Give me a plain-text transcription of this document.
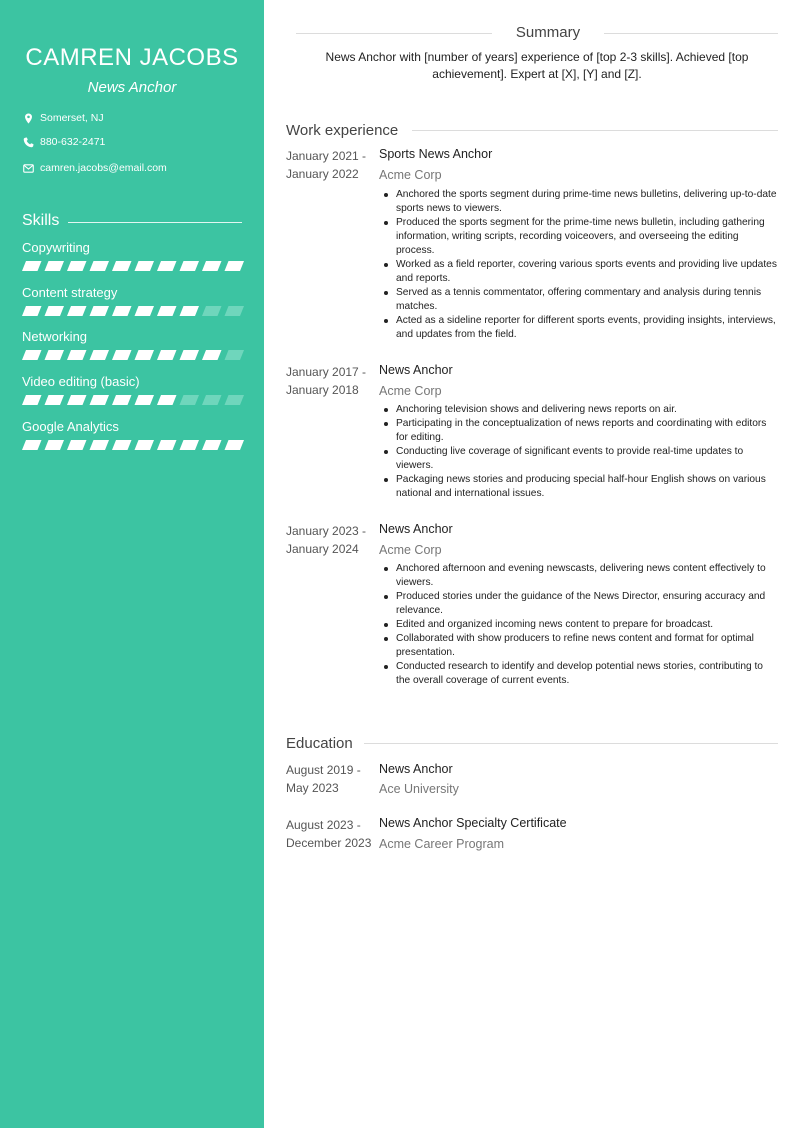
CAMREN JACOBS
News Anchor
Somerset, NJ
880-632-2471
camren.jacobs@email.com
Skills
Copywriting
Content strategy
Networking
Video editing (basic)
Google Analytics
Summary

News Anchor with [number of years] experience of [top 2-3 skills]. Achieved [top achievement]. Expert at [X], [Y] and [Z].

Work experience
January 2021 -
January 2022
Sports News Anchor
Acme Corp
Anchored the sports segment during prime-time news bulletins, delivering up-to-date sports news to viewers.
Produced the sports segment for the prime-time news bulletin, including gathering information, writing scripts, recording voiceovers, and overseeing the editing process.
Worked as a field reporter, covering various sports events and providing live updates and reports.
Served as a tennis commentator, offering commentary and analysis during tennis matches.
Acted as a sideline reporter for different sports events, providing insights, interviews, and updates from the field.
January 2017 -
January 2018
News Anchor
Acme Corp
Anchoring television shows and delivering news reports on air.
Participating in the conceptualization of news reports and coordinating with editors for editing.
Conducting live coverage of significant events to provide real-time updates to viewers.
Packaging news stories and producing special half-hour English shows on various national and international issues.
January 2023 -
January 2024
News Anchor
Acme Corp
Anchored afternoon and evening newscasts, delivering news content effectively to viewers.
Produced stories under the guidance of the News Director, ensuring accuracy and relevance.
Edited and organized incoming news content to prepare for broadcast.
Collaborated with show producers to refine news content and format for optimal presentation.
Conducted research to identify and develop potential news stories, contributing to the overall coverage of current events.
Education
August 2019 -
May 2023
News Anchor
Ace University
August 2023 -
December 2023
News Anchor Specialty Certificate
Acme Career Program
